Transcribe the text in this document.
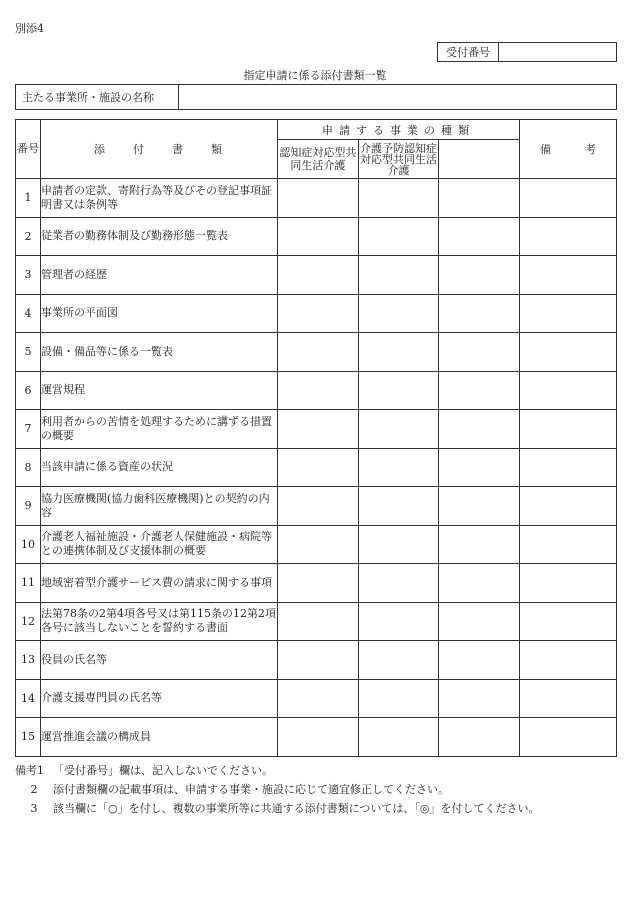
別添4
受付番号
指定申請に係る添付書類一覧
主たる事業所・施設の名称
番号	添　　付　　書　　類	申請する事業の種類			備 考

		認知症対応型共同生活介護	介護予防認知症対応型共同生活介護		
1	申請者の定款、寄附行為等及びその登記事項証明書又は条例等				
2	従業者の勤務体制及び勤務形態一覧表				
3	管理者の経歴				
4	事業所の平面図				
5	設備・備品等に係る一覧表				
6	運営規程				
7	利用者からの苦情を処理するために講ずる措置の概要				
8	当該申請に係る資産の状況				
9	協力医療機関(協力歯科医療機関)との契約の内容				
10	介護老人福祉施設・介護老人保健施設・病院等との連携体制及び支援体制の概要				
11	地域密着型介護サービス費の請求に関する事項				
12	法第78条の2第4項各号又は第115条の12第2項各号に該当しないことを誓約する書面				
13	役員の氏名等				
14	介護支援専門員の氏名等				
15	運営推進会議の構成員				
備考1 「受付番号」欄は、記入しないでください。
2	添付書類欄の記載事項は、申請する事業・施設に応じて適宜修正してください。
3	該当欄に「○」を付し、複数の事業所等に共通する添付書類については、「◎」を付してください。
